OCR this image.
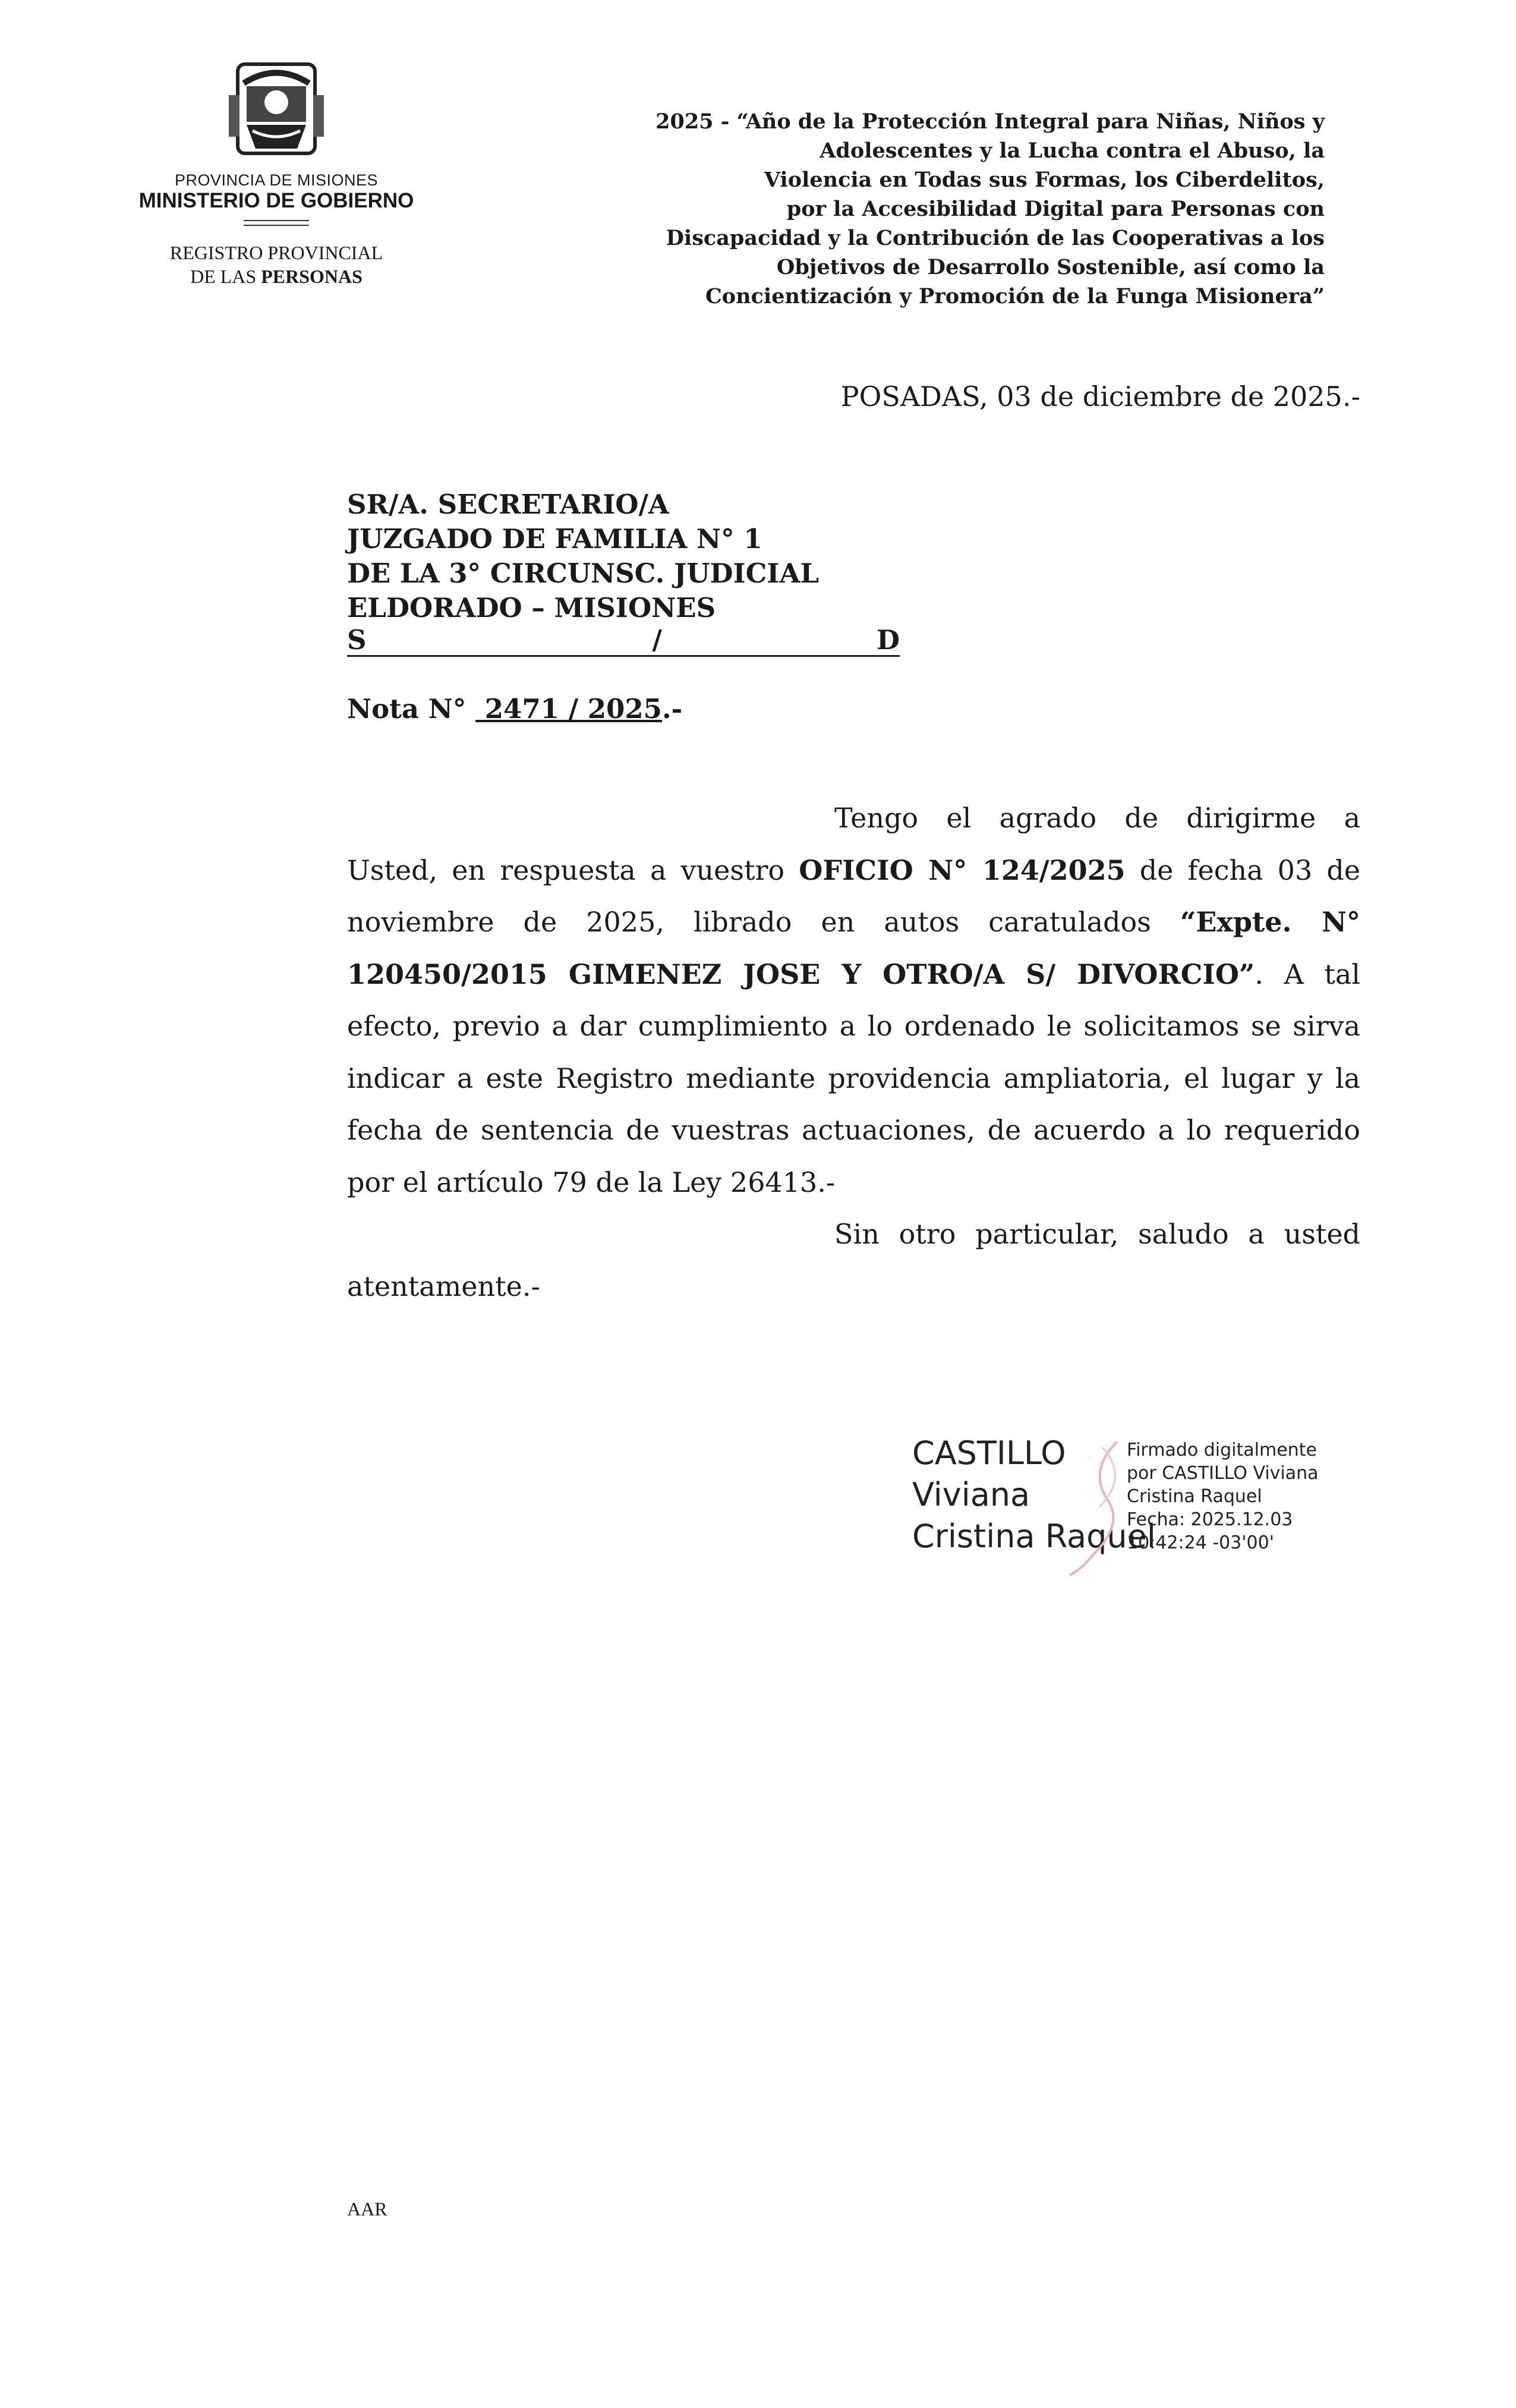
PROVINCIA DE MISIONES
MINISTERIO DE GOBIERNO
REGISTRO PROVINCIAL
DE LAS PERSONAS
2025 - “Año de la Protección Integral para Niñas, Niños y
Adolescentes y la Lucha contra el Abuso, la
Violencia en Todas sus Formas, los Ciberdelitos,
por la Accesibilidad Digital para Personas con
Discapacidad y la Contribución de las Cooperativas a los
Objetivos de Desarrollo Sostenible, así como la
Concientización y Promoción de la Funga Misionera”
POSADAS, 03 de diciembre de 2025.-
SR/A. SECRETARIO/A
JUZGADO DE FAMILIA N° 1
DE LA 3° CIRCUNSC. JUDICIAL
ELDORADO – MISIONES
S	/	D
Nota N°  2471 / 2025.-

Tengo el agrado de dirigirme a Usted, en respuesta a vuestro OFICIO N° 124/2025 de fecha 03 de noviembre de 2025, librado en autos caratulados “Expte. N° 120450/2015 GIMENEZ JOSE Y OTRO/A S/ DIVORCIO”. A tal efecto, previo a dar cumplimiento a lo ordenado le solicitamos se sirva indicar a este Registro mediante providencia ampliatoria, el lugar y la fecha de sentencia de vuestras actuaciones, de acuerdo a lo requerido por el artículo 79 de la Ley 26413.-

Sin otro particular, saludo a usted atentamente.-

CASTILLO
Viviana
Cristina Raquel
Firmado digitalmente
por CASTILLO Viviana
Cristina Raquel
Fecha: 2025.12.03
10:42:24 -03'00'
AAR
